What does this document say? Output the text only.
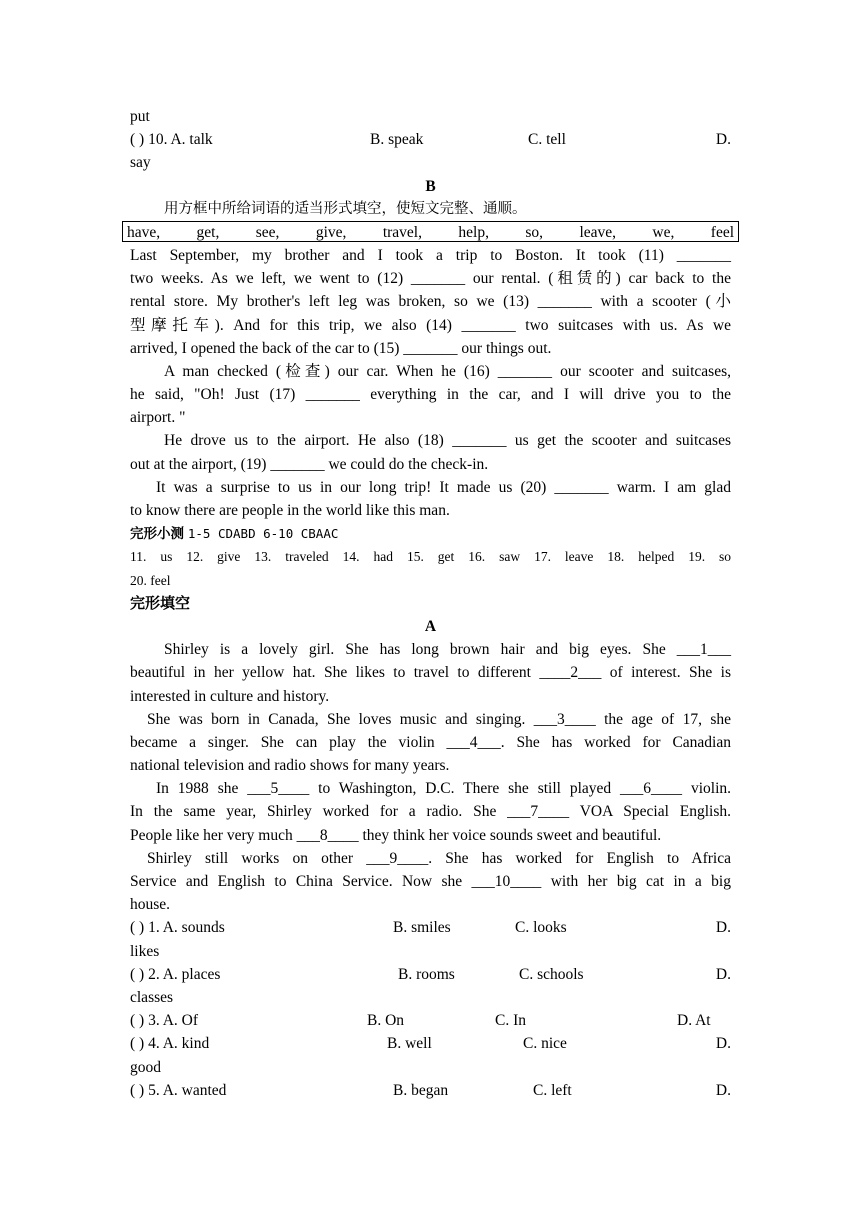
put
( ) 10. A. talk	B. speak	C. tell	D.
say
B
用方框中所给词语的适当形式填空，使短文完整、通顺。
have, get, see, give, travel, help, so, leave, we, feel
Last September, my brother and I took a trip to Boston. It took (11) _______
two weeks. As we left, we went to (12) _______ our rental. (租赁的) car back to the
rental store. My brother's left leg was broken, so we (13) _______ with a scooter (小
型摩托车). And for this trip, we also (14) _______ two suitcases with us. As we
arrived, I opened the back of the car to (15) _______ our things out.
A man checked (检查) our car. When he (16) _______ our scooter and suitcases,
he said, "Oh! Just (17) _______ everything in the car, and I will drive you to the
airport. "
He drove us to the airport. He also (18) _______ us get the scooter and suitcases
out at the airport, (19) _______ we could do the check-in.
It was a surprise to us in our long trip! It made us (20) _______ warm. I am glad
to know there are people in the world like this man.
完形小测 1-5 CDABD 6-10 CBAAC
11. us 12. give 13. traveled 14. had 15. get 16. saw 17. leave 18. helped 19. so
20. feel
完形填空
A
Shirley is a lovely girl. She has long brown hair and big eyes. She ___1___
beautiful in her yellow hat. She likes to travel to different ____2___ of interest. She is
interested in culture and history.
She was born in Canada, She loves music and singing. ___3____ the age of 17, she
became a singer. She can play the violin ___4___. She has worked for Canadian
national television and radio shows for many years.
In 1988 she ___5____ to Washington, D.C. There she still played ___6____ violin.
In the same year, Shirley worked for a radio. She ___7____ VOA Special English.
People like her very much ___8____ they think her voice sounds sweet and beautiful.
Shirley still works on other ___9____. She has worked for English to Africa
Service and English to China Service. Now she ___10____ with her big cat in a big
house.
( ) 1. A. sounds	B. smiles	C. looks	D.
likes
( ) 2. A. places	B. rooms	C. schools	D.
classes
( ) 3. A. Of	B. On	C. In	D. At
( ) 4. A. kind	B. well	C. nice	D.
good
( ) 5. A. wanted	B. began	C. left	D.
